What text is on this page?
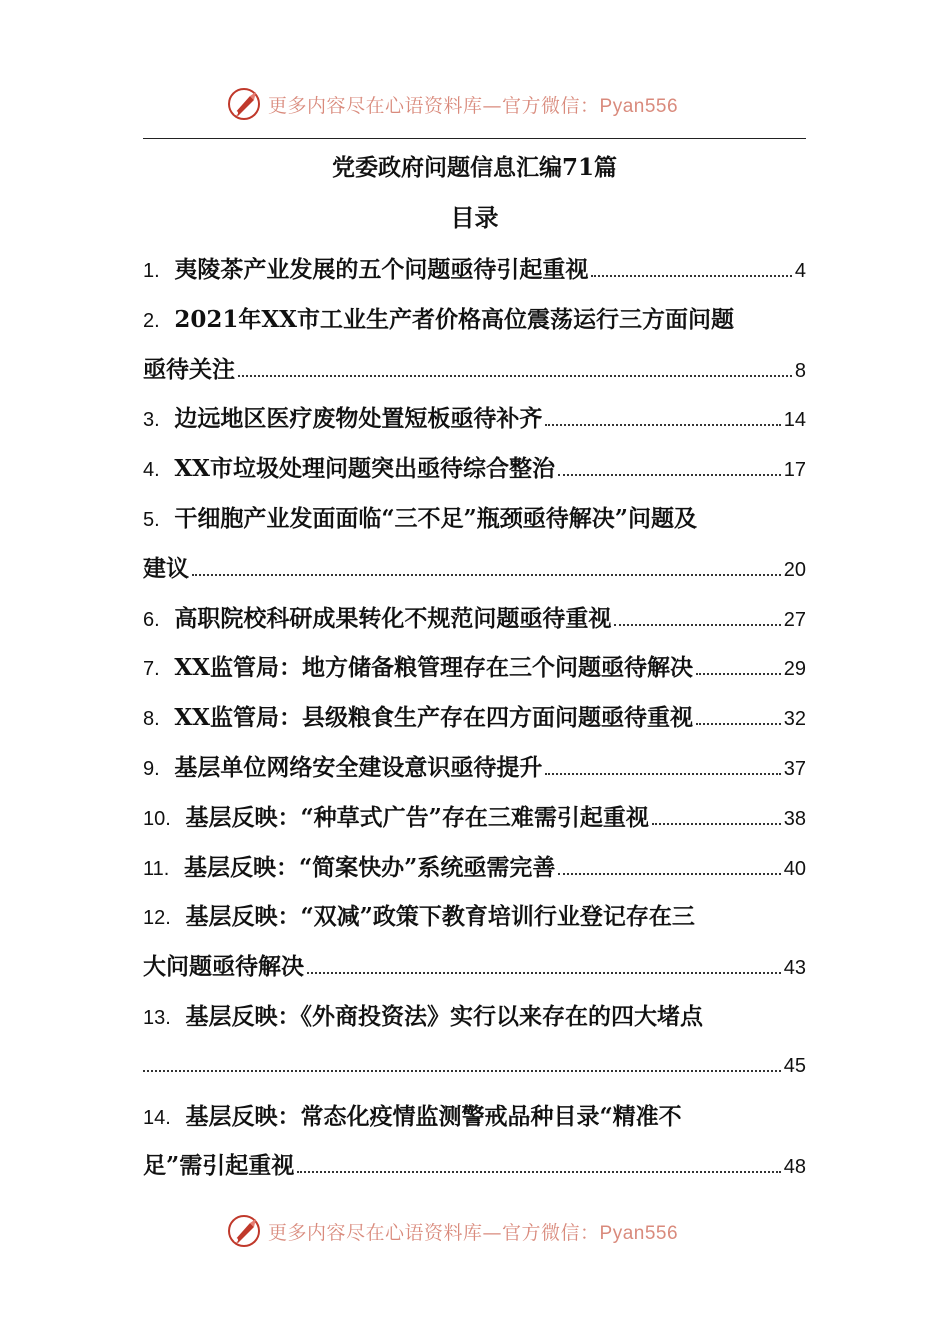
更多内容尽在心语资料库—官方微信：Pyan556
党委政府问题信息汇编71篇
目录
1.
夷陵茶产业发展的五个问题亟待引起重视	4
2.
2021年XX市工业生产者价格高位震荡运行三方面问题
亟待关注	8
3.
边远地区医疗废物处置短板亟待补齐	14
4.
XX市垃圾处理问题突出亟待综合整治	17
5.
干细胞产业发面面临“三不足”瓶颈亟待解决”问题及
建议	20
6.
高职院校科研成果转化不规范问题亟待重视	27
7.
XX监管局：地方储备粮管理存在三个问题亟待解决	29
8.
XX监管局：县级粮食生产存在四方面问题亟待重视	32
9.
基层单位网络安全建设意识亟待提升	37
10.
基层反映：“种草式广告”存在三难需引起重视	38
11.
基层反映：“简案快办”系统亟需完善	40
12.
基层反映：“双减”政策下教育培训行业登记存在三
大问题亟待解决	43
13.
基层反映：《外商投资法》实行以来存在的四大堵点
45
14.
基层反映：常态化疫情监测警戒品种目录“精准不
足”需引起重视	48
更多内容尽在心语资料库—官方微信：Pyan556
